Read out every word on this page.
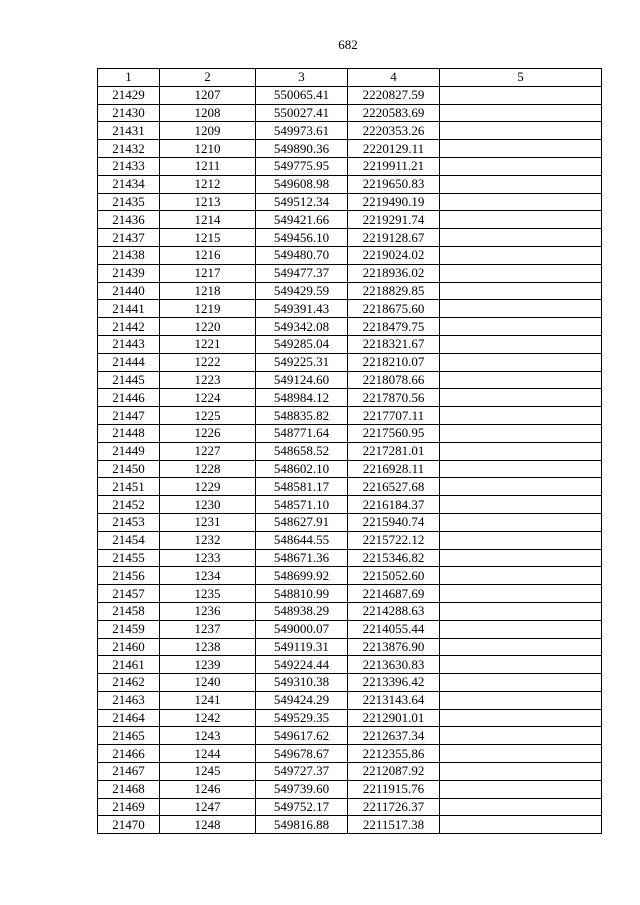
682
1	2	3	4	5
21429	1207	550065.41	2220827.59	
21430	1208	550027.41	2220583.69	
21431	1209	549973.61	2220353.26	
21432	1210	549890.36	2220129.11	
21433	1211	549775.95	2219911.21	
21434	1212	549608.98	2219650.83	
21435	1213	549512.34	2219490.19	
21436	1214	549421.66	2219291.74	
21437	1215	549456.10	2219128.67	
21438	1216	549480.70	2219024.02	
21439	1217	549477.37	2218936.02	
21440	1218	549429.59	2218829.85	
21441	1219	549391.43	2218675.60	
21442	1220	549342.08	2218479.75	
21443	1221	549285.04	2218321.67	
21444	1222	549225.31	2218210.07	
21445	1223	549124.60	2218078.66	
21446	1224	548984.12	2217870.56	
21447	1225	548835.82	2217707.11	
21448	1226	548771.64	2217560.95	
21449	1227	548658.52	2217281.01	
21450	1228	548602.10	2216928.11	
21451	1229	548581.17	2216527.68	
21452	1230	548571.10	2216184.37	
21453	1231	548627.91	2215940.74	
21454	1232	548644.55	2215722.12	
21455	1233	548671.36	2215346.82	
21456	1234	548699.92	2215052.60	
21457	1235	548810.99	2214687.69	
21458	1236	548938.29	2214288.63	
21459	1237	549000.07	2214055.44	
21460	1238	549119.31	2213876.90	
21461	1239	549224.44	2213630.83	
21462	1240	549310.38	2213396.42	
21463	1241	549424.29	2213143.64	
21464	1242	549529.35	2212901.01	
21465	1243	549617.62	2212637.34	
21466	1244	549678.67	2212355.86	
21467	1245	549727.37	2212087.92	
21468	1246	549739.60	2211915.76	
21469	1247	549752.17	2211726.37	
21470	1248	549816.88	2211517.38	
